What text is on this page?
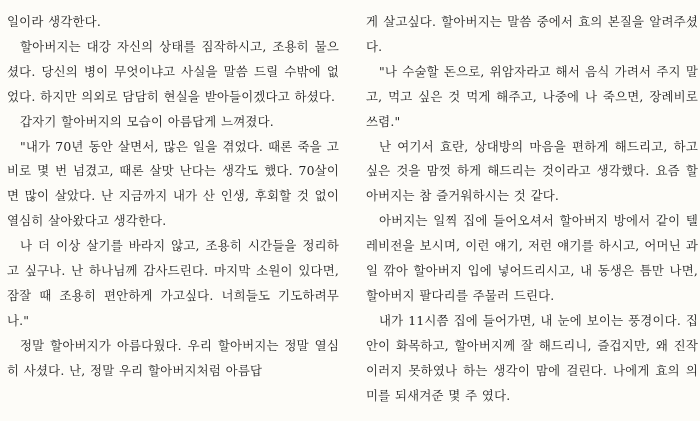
일이라 생각한다.

할아버지는 대강 자신의 상태를 짐작하시고, 조용히 물으셨다. 당신의 병이 무엇이냐고 사실을 말씀 드릴 수밖에 없었다. 하지만 의외로 담담히 현실을 받아들이겠다고 하셨다.

갑자기 할아버지의 모습이 아름답게 느껴졌다.

"내가 70년 동안 살면서, 많은 일을 겪었다. 때론 죽을 고비로 몇 번 넘겼고, 때론 살맛 난다는 생각도 했다. 70살이면 많이 살았다. 난 지금까지 내가 산 인생, 후회할 것 없이 열심히 살아왔다고 생각한다.

나 더 이상 살기를 바라지 않고, 조용히 시간들을 정리하고 싶구나. 난 하나님께 감사드린다. 마지막 소원이 있다면, 잠잘 때 조용히 편안하게 가고싶다. 너희들도 기도하려무나."

정말 할아버지가 아름다웠다. 우리 할아버지는 정말 열심히 사셨다. 난, 정말 우리 할아버지처럼 아름답

게 살고싶다. 할아버지는 말씀 중에서 효의 본질을 알려주셨다.

"나 수술할 돈으로, 위암자라고 해서 음식 가려서 주지 말고, 먹고 싶은 것 먹게 해주고, 나중에 나 죽으면, 장례비로 쓰렴."

난 여기서 효란, 상대방의 마음을 편하게 해드리고, 하고 싶은 것을 맘껏 하게 해드리는 것이라고 생각했다. 요즘 할아버지는 참 즐거워하시는 것 같다.

아버지는 일찍 집에 들어오셔서 할아버지 방에서 같이 텔레비전을 보시며, 이런 얘기, 저런 얘기를 하시고, 어머닌 과일 깎아 할아버지 입에 넣어드리시고, 내 동생은 틈만 나면, 할아버지 팔다리를 주물러 드린다.

내가 11시쯤 집에 들어가면, 내 눈에 보이는 풍경이다. 집안이 화목하고, 할아버지께 잘 해드리니, 즐겁지만, 왜 진작 이러지 못하였나 하는 생각이 맘에 걸린다. 나에게 효의 의미를 되새겨준 몇 주 였다.
